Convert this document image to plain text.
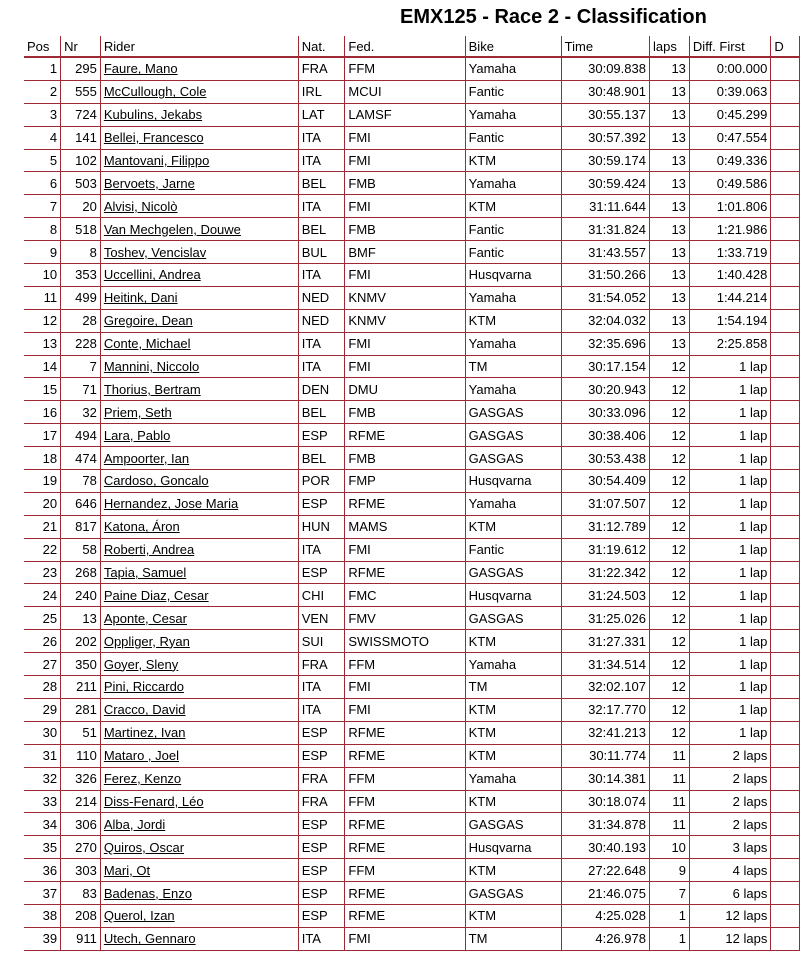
EMX125 - Race 2 - Classification
Pos	Nr	Rider	Nat.	Fed.	Bike	Time	laps	Diff. First	D

1	295	Faure, Mano	FRA	FFM	Yamaha	30:09.838	13	0:00.000	
2	555	McCullough, Cole	IRL	MCUI	Fantic	30:48.901	13	0:39.063	
3	724	Kubulins, Jekabs	LAT	LAMSF	Yamaha	30:55.137	13	0:45.299	
4	141	Bellei, Francesco	ITA	FMI	Fantic	30:57.392	13	0:47.554	
5	102	Mantovani, Filippo	ITA	FMI	KTM	30:59.174	13	0:49.336	
6	503	Bervoets, Jarne	BEL	FMB	Yamaha	30:59.424	13	0:49.586	
7	20	Alvisi, Nicolò	ITA	FMI	KTM	31:11.644	13	1:01.806	
8	518	Van Mechgelen, Douwe	BEL	FMB	Fantic	31:31.824	13	1:21.986	
9	8	Toshev, Vencislav	BUL	BMF	Fantic	31:43.557	13	1:33.719	
10	353	Uccellini, Andrea	ITA	FMI	Husqvarna	31:50.266	13	1:40.428	
11	499	Heitink, Dani	NED	KNMV	Yamaha	31:54.052	13	1:44.214	
12	28	Gregoire, Dean	NED	KNMV	KTM	32:04.032	13	1:54.194	
13	228	Conte, Michael	ITA	FMI	Yamaha	32:35.696	13	2:25.858	
14	7	Mannini, Niccolo	ITA	FMI	TM	30:17.154	12	1 lap	
15	71	Thorius, Bertram	DEN	DMU	Yamaha	30:20.943	12	1 lap	
16	32	Priem, Seth	BEL	FMB	GASGAS	30:33.096	12	1 lap	
17	494	Lara, Pablo	ESP	RFME	GASGAS	30:38.406	12	1 lap	
18	474	Ampoorter, Ian	BEL	FMB	GASGAS	30:53.438	12	1 lap	
19	78	Cardoso, Goncalo	POR	FMP	Husqvarna	30:54.409	12	1 lap	
20	646	Hernandez, Jose Maria	ESP	RFME	Yamaha	31:07.507	12	1 lap	
21	817	Katona, Áron	HUN	MAMS	KTM	31:12.789	12	1 lap	
22	58	Roberti, Andrea	ITA	FMI	Fantic	31:19.612	12	1 lap	
23	268	Tapia, Samuel	ESP	RFME	GASGAS	31:22.342	12	1 lap	
24	240	Paine Diaz, Cesar	CHI	FMC	Husqvarna	31:24.503	12	1 lap	
25	13	Aponte, Cesar	VEN	FMV	GASGAS	31:25.026	12	1 lap	
26	202	Oppliger, Ryan	SUI	SWISSMOTO	KTM	31:27.331	12	1 lap	
27	350	Goyer, Sleny	FRA	FFM	Yamaha	31:34.514	12	1 lap	
28	211	Pini, Riccardo	ITA	FMI	TM	32:02.107	12	1 lap	
29	281	Cracco, David	ITA	FMI	KTM	32:17.770	12	1 lap	
30	51	Martinez, Ivan	ESP	RFME	KTM	32:41.213	12	1 lap	
31	110	Mataro , Joel	ESP	RFME	KTM	30:11.774	11	2 laps	
32	326	Ferez, Kenzo	FRA	FFM	Yamaha	30:14.381	11	2 laps	
33	214	Diss-Fenard, Léo	FRA	FFM	KTM	30:18.074	11	2 laps	
34	306	Alba, Jordi	ESP	RFME	GASGAS	31:34.878	11	2 laps	
35	270	Quiros, Oscar	ESP	RFME	Husqvarna	30:40.193	10	3 laps	
36	303	Mari, Ot	ESP	FFM	KTM	27:22.648	9	4 laps	
37	83	Badenas, Enzo	ESP	RFME	GASGAS	21:46.075	7	6 laps	
38	208	Querol, Izan	ESP	RFME	KTM	4:25.028	1	12 laps	
39	911	Utech, Gennaro	ITA	FMI	TM	4:26.978	1	12 laps	
